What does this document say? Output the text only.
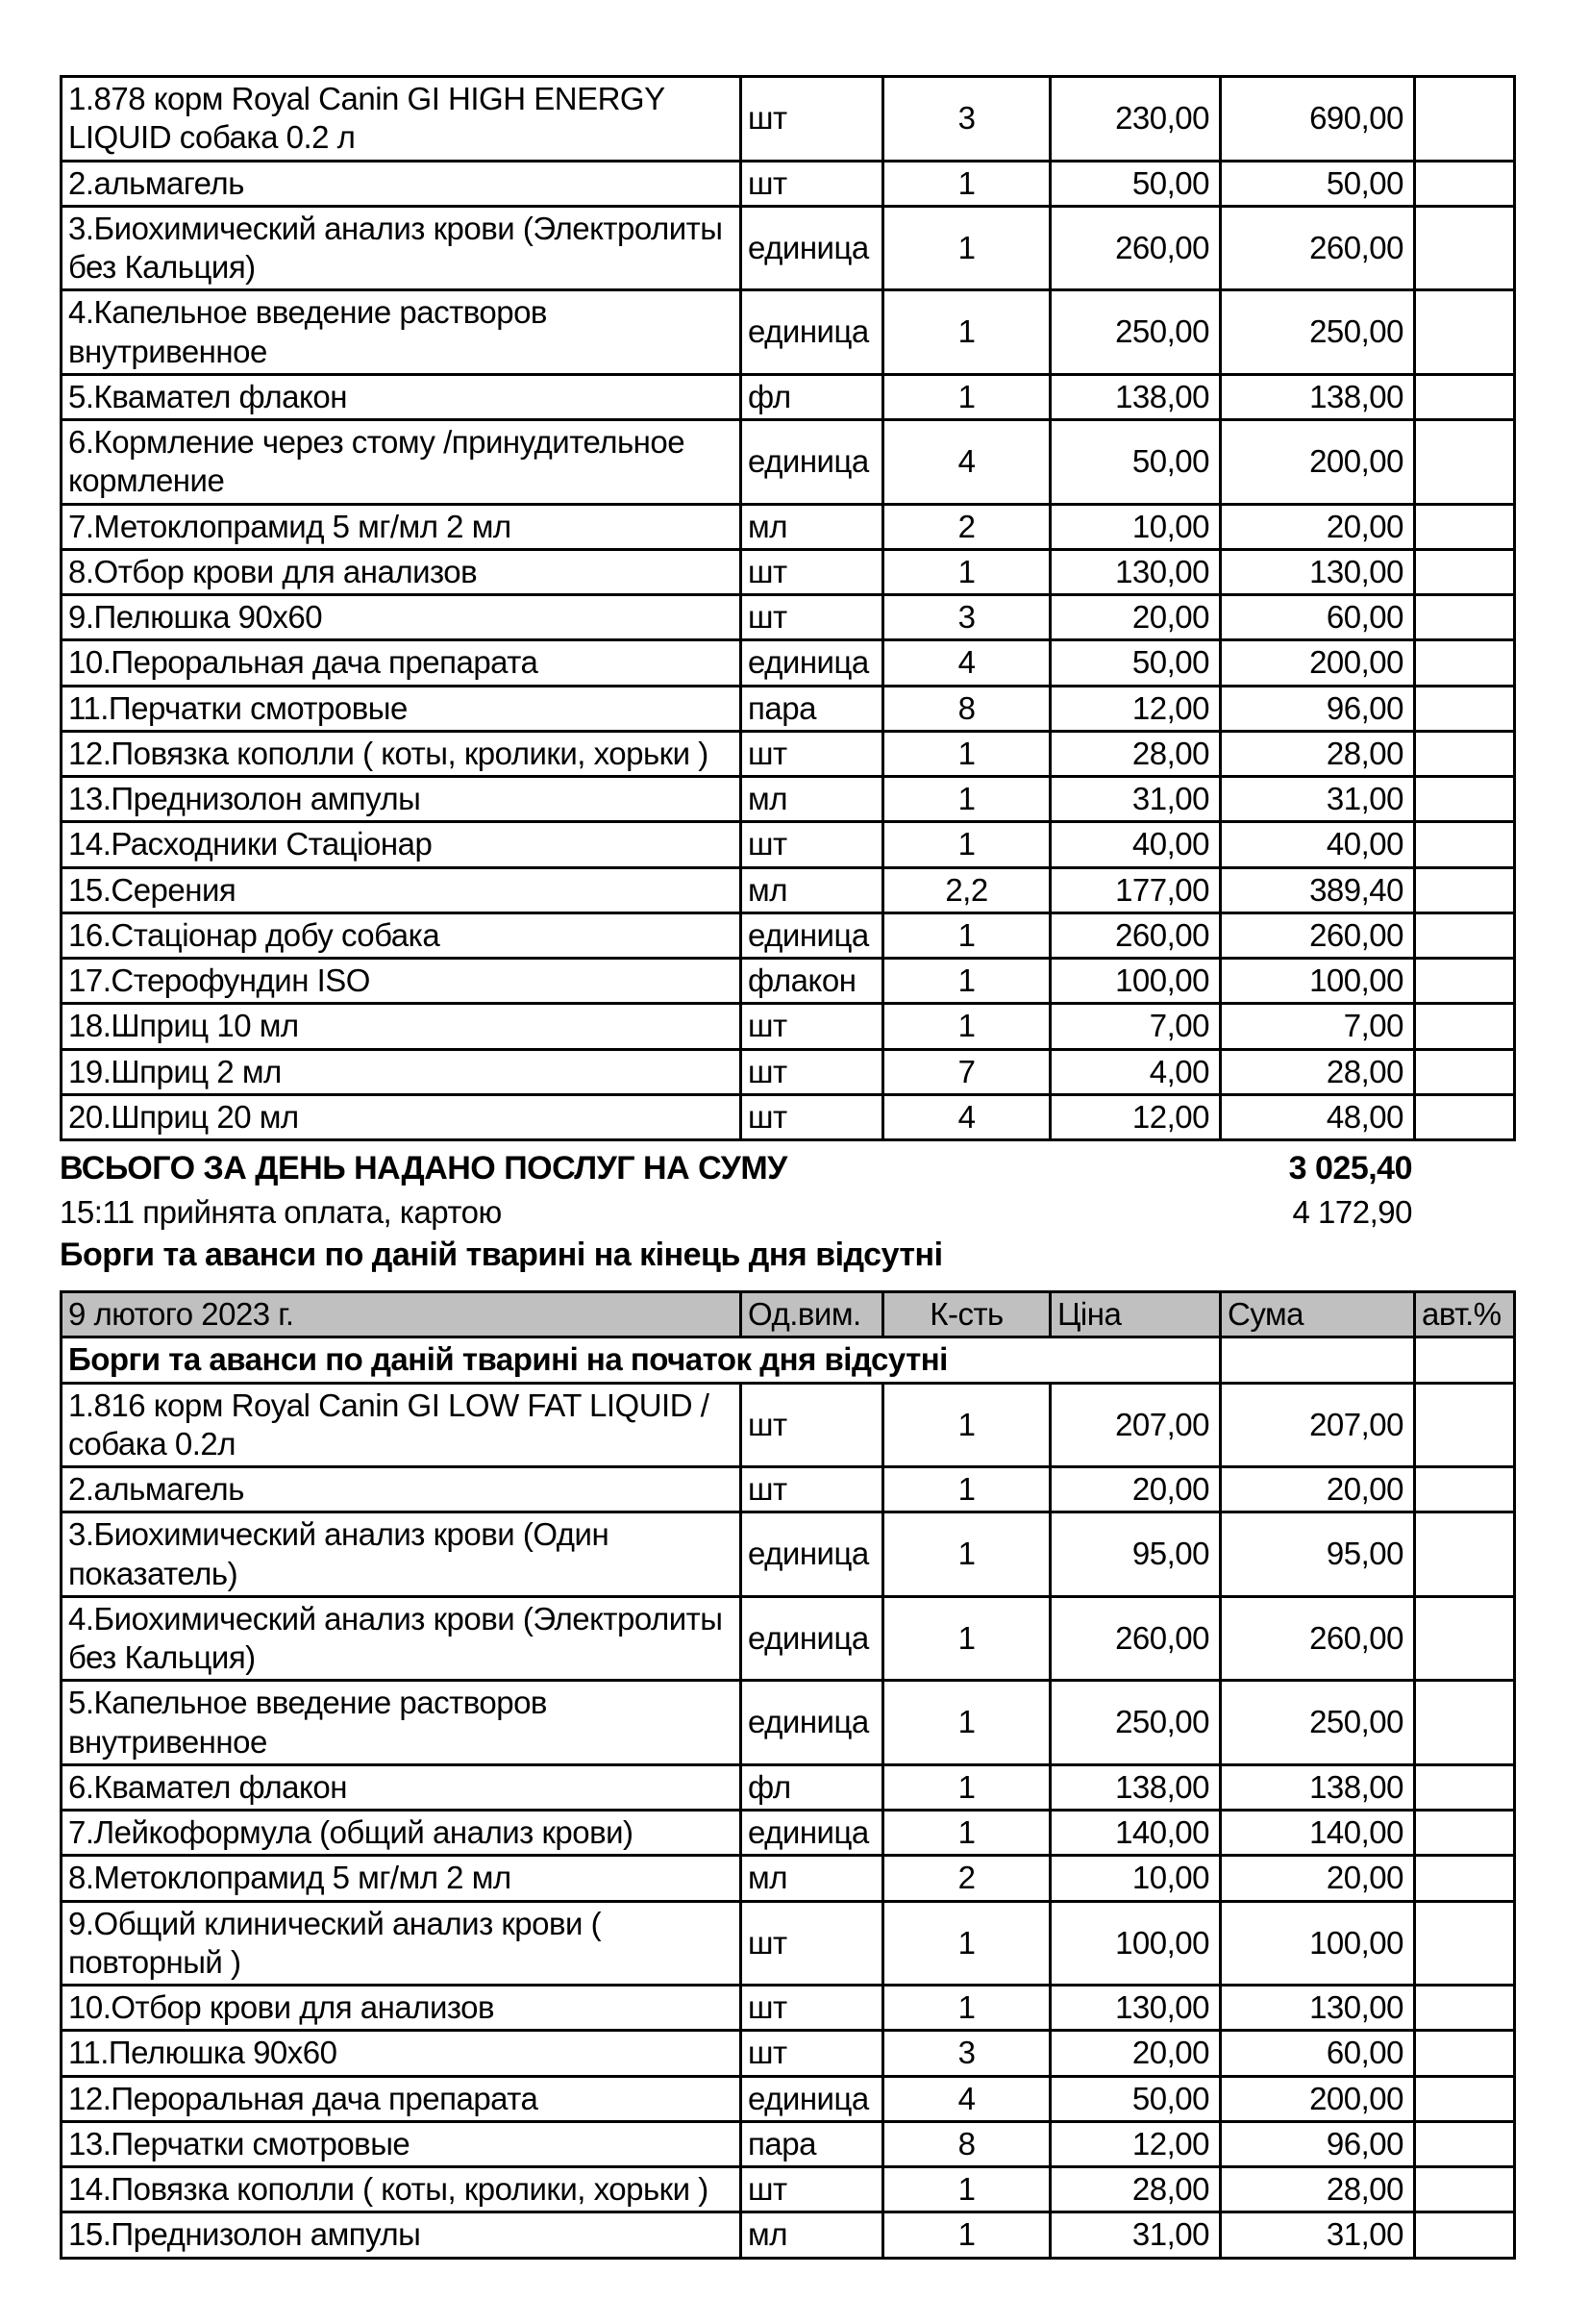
1.878 корм Royal Canin GI HIGH ENERGY LIQUID собака 0.2 л	шт	3	230,00	690,00	
2.альмагель	шт	1	50,00	50,00	
3.Биохимический анализ крови (Электролиты без Кальция)	единица	1	260,00	260,00	
4.Капельное введение растворов внутривенное	единица	1	250,00	250,00	
5.Квамател флакон	фл	1	138,00	138,00	
6.Кормление через стому /принудительное кормление	единица	4	50,00	200,00	
7.Метоклопрамид 5 мг/мл 2 мл	мл	2	10,00	20,00	
8.Отбор крови для анализов	шт	1	130,00	130,00	
9.Пелюшка 90х60	шт	3	20,00	60,00	
10.Пероральная дача препарата	единица	4	50,00	200,00	
11.Перчатки смотровые	пара	8	12,00	96,00	
12.Повязка кополли ( коты, кролики, хорьки )	шт	1	28,00	28,00	
13.Преднизолон ампулы	мл	1	31,00	31,00	
14.Расходники Стаціонар	шт	1	40,00	40,00	
15.Серения	мл	2,2	177,00	389,40	
16.Стаціонар добу собака	единица	1	260,00	260,00	
17.Стерофундин ISO	флакон	1	100,00	100,00	
18.Шприц 10 мл	шт	1	7,00	7,00	
19.Шприц 2 мл	шт	7	4,00	28,00	
20.Шприц 20 мл	шт	4	12,00	48,00	
ВСЬОГО ЗА ДЕНЬ НАДАНО ПОСЛУГ НА СУМУ	3 025,40
15:11 прийнята оплата, картою	4 172,90
Борги та аванси по даній тварині на кінець дня відсутні
9 лютого 2023 г.	Од.вим.	К-сть	Ціна	Сума	авт.%
Борги та аванси по даній тварині на початок дня відсутні					
1.816 корм Royal Canin GI LOW FAT LIQUID / собака 0.2л	шт	1	207,00	207,00	
2.альмагель	шт	1	20,00	20,00	
3.Биохимический анализ крови (Один показатель)	единица	1	95,00	95,00	
4.Биохимический анализ крови (Электролиты без Кальция)	единица	1	260,00	260,00	
5.Капельное введение растворов внутривенное	единица	1	250,00	250,00	
6.Квамател флакон	фл	1	138,00	138,00	
7.Лейкоформула (общий анализ крови)	единица	1	140,00	140,00	
8.Метоклопрамид 5 мг/мл 2 мл	мл	2	10,00	20,00	
9.Общий клинический анализ крови ( повторный )	шт	1	100,00	100,00	
10.Отбор крови для анализов	шт	1	130,00	130,00	
11.Пелюшка 90х60	шт	3	20,00	60,00	
12.Пероральная дача препарата	единица	4	50,00	200,00	
13.Перчатки смотровые	пара	8	12,00	96,00	
14.Повязка кополли ( коты, кролики, хорьки )	шт	1	28,00	28,00	
15.Преднизолон ампулы	мл	1	31,00	31,00	
